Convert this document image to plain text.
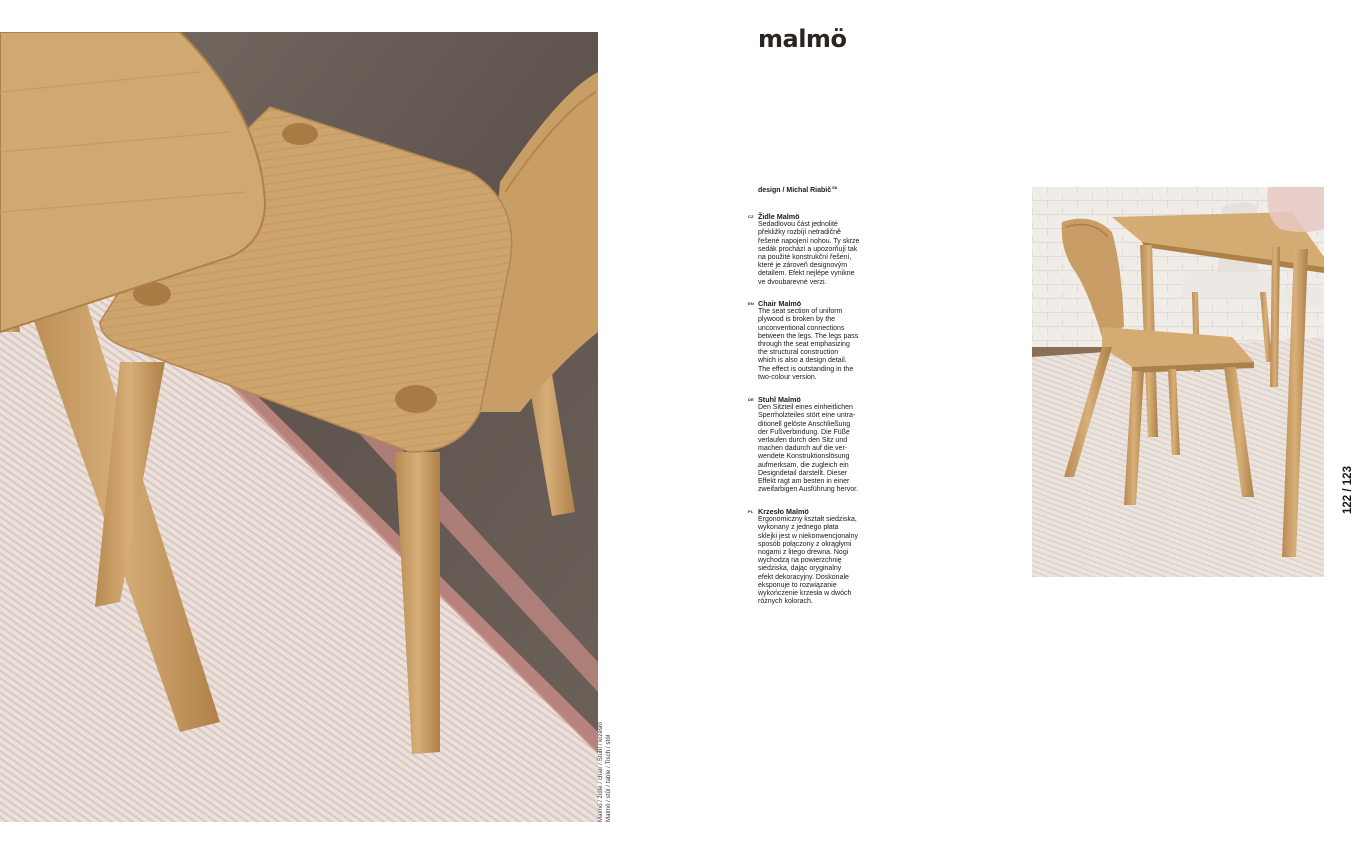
Malmö / židle / chair / Stuhl / krzesło Malmö / stůl / table / Tisch / stół
malmö
design / Michal Riabič$^{SK}$
CZ Židle Malmö
Sedadlovou část jednolité
překližky rozbíjí netradičně
řešené napojení nohou. Ty skrze
sedák prochází a upozorňují tak
na použité konstrukční řešení,
které je zároveň designovým
detailem. Efekt nejlépe vynikne
ve dvoubarevné verzi.
EN Chair Malmö
The seat section of uniform
plywood is broken by the
unconventional connections
between the legs. The legs pass
through the seat emphasizing
the structural construction
which is also a design detail.
The effect is outstanding in the
two-colour version.
DE Stuhl Malmö
Den Sitzteil eines einheitlichen
Sperrholzteiles stört eine untra-
ditionell gelöste Anschließung
der Fußverbindung. Die Füße
verlaufen durch den Sitz und
machen dadurch auf die ver-
wendete Konstruktionslösung
aufmerksam, die zugleich ein
Designdetail darstellt. Dieser
Effekt ragt am besten in einer
zweifarbigen Ausführung hervor.
PL Krzesło Malmö
Ergonomiczny kształt siedziska,
wykonany z jednego płata
sklejki jest w niekonwencjonalny
sposób połączony z okrągłymi
nogami z litego drewna. Nogi
wychodzą na powierzchnię
siedziska, dając oryginalny
efekt dekoracyjny. Doskonale
eksponuje to rozwiązanie
wykończenie krzesła w dwóch
różnych kolorach.
122 / 123
